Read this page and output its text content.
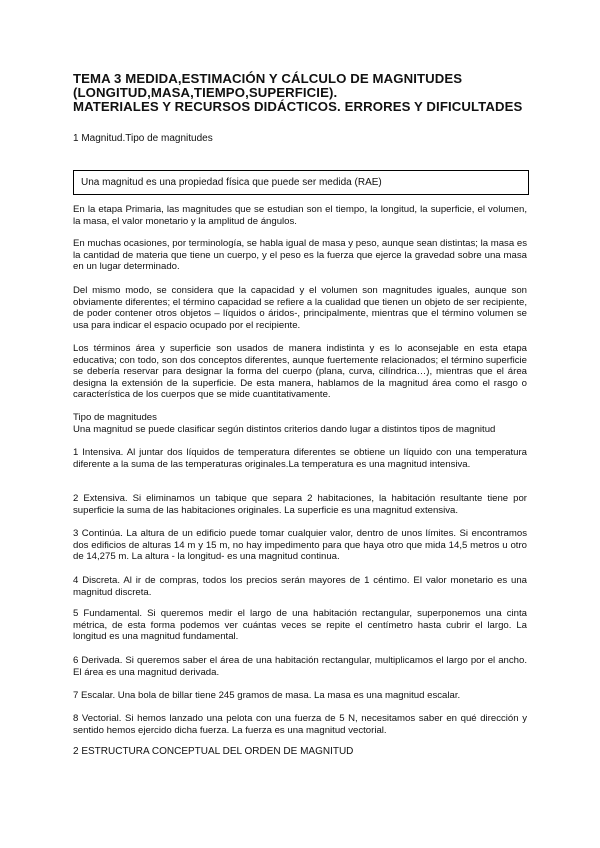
TEMA 3 MEDIDA,ESTIMACIÓN Y CÁLCULO DE MAGNITUDES
(LONGITUD,MASA,TIEMPO,SUPERFICIE).
MATERIALES Y RECURSOS DIDÁCTICOS. ERRORES Y DIFICULTADES
1 Magnitud.Tipo de magnitudes
Una magnitud es una propiedad física que puede ser medida (RAE)

En la etapa Primaria, las magnitudes que se estudian son el tiempo, la longitud, la superficie, el volumen, la masa, el valor monetario y la amplitud de ángulos.

En muchas ocasiones, por terminología, se habla igual de masa y peso, aunque sean distintas; la masa es la cantidad de materia que tiene un cuerpo, y el peso es la fuerza que ejerce la gravedad sobre una masa en un lugar determinado.

Del mismo modo, se considera que la capacidad y el volumen son magnitudes iguales, aunque son obviamente diferentes; el término capacidad se refiere a la cualidad que tienen un objeto de ser recipiente, de poder contener otros objetos – líquidos o áridos-, principalmente, mientras que el término volumen se usa para indicar el espacio ocupado por el recipiente.

Los términos área y superficie son usados de manera indistinta y es lo aconsejable en esta etapa educativa; con todo, son dos conceptos diferentes, aunque fuertemente relacionados; el término superficie se debería reservar para designar la forma del cuerpo (plana, curva, cilíndrica…), mientras que el área designa la extensión de la superficie. De esta manera, hablamos de la magnitud área como el rasgo o característica de los cuerpos que se mide cuantitativamente.

Tipo de magnitudes

Una magnitud se puede clasificar según distintos criterios dando lugar a distintos tipos de magnitud

1 Intensiva. Al juntar dos líquidos de temperatura diferentes se obtiene un líquido con una temperatura diferente a la suma de las temperaturas originales.La temperatura es una magnitud intensiva.

2 Extensiva. Si eliminamos un tabique que separa 2 habitaciones, la habitación resultante tiene por superficie la suma de las habitaciones originales. La superficie es una magnitud extensiva.

3 Continúa. La altura de un edificio puede tomar cualquier valor, dentro de unos límites. Si encontramos dos edificios de alturas 14 m y 15 m, no hay impedimento para que haya otro que mida 14,5 metros u otro de 14,275 m. La altura - la longitud- es una magnitud continua.

4 Discreta. Al ir de compras, todos los precios serán mayores de 1 céntimo. El valor monetario es una magnitud discreta.

5 Fundamental. Si queremos medir el largo de una habitación rectangular, superponemos una cinta métrica, de esta forma podemos ver cuántas veces se repite el centímetro hasta cubrir el largo. La longitud es una magnitud fundamental.

6 Derivada. Si queremos saber el área de una habitación rectangular, multiplicamos el largo por el ancho. El área es una magnitud derivada.

7 Escalar. Una bola de billar tiene 245 gramos de masa. La masa es una magnitud escalar.

8 Vectorial. Si hemos lanzado una pelota con una fuerza de 5 N, necesitamos saber en qué dirección y sentido hemos ejercido dicha fuerza. La fuerza es una magnitud vectorial.

2 ESTRUCTURA CONCEPTUAL DEL ORDEN DE MAGNITUD
